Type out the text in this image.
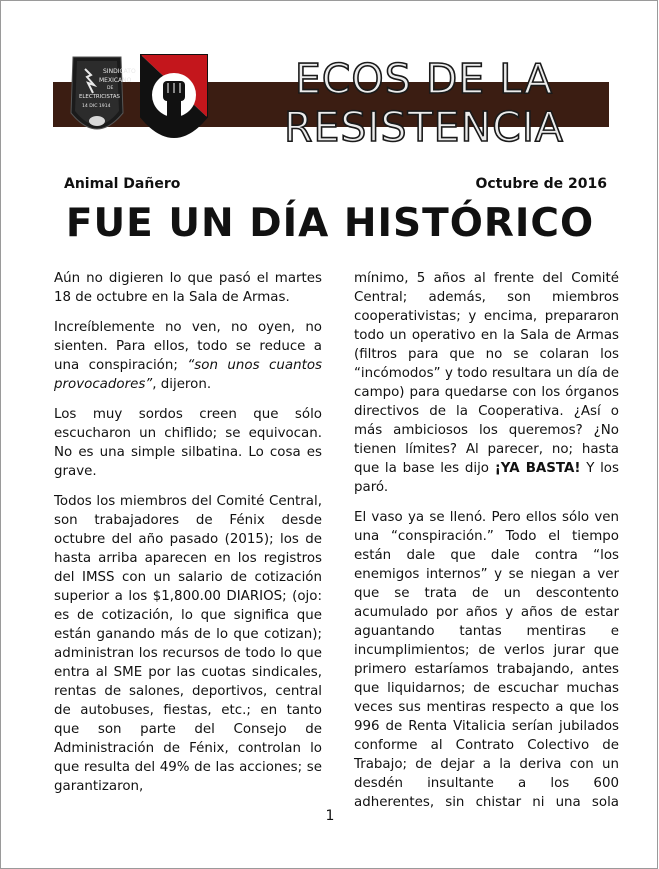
SINDICATO
MEXICANO
DE
ELECTRICISTAS
14 DIC 1914
ECOS DE LA
RESISTENCIA
Animal Dañero	Octubre de 2016
FUE UN DÍA HISTÓRICO

Aún no digieren lo que pasó el martes 18 de octubre en la Sala de Armas.

Increíblemente no ven, no oyen, no sienten. Para ellos, todo se reduce a una conspiración; “son unos cuantos provocadores”, dijeron.

Los muy sordos creen que sólo escucharon un chiflido; se equivocan. No es una simple silbatina. Lo cosa es grave.

Todos los miembros del Comité Central, son trabajadores de Fénix desde octubre del año pasado (2015); los de hasta arriba aparecen en los registros del IMSS con un salario de cotización superior a los $1,800.00 DIARIOS; (ojo: es de cotización, lo que significa que están ganando más de lo que cotizan); administran los recursos de todo lo que entra al SME por las cuotas sindicales, rentas de salones, deportivos, central de autobuses, fiestas, etc.; en tanto que son parte del Consejo de Administración de Fénix, controlan lo que resulta del 49% de las acciones; se garantizaron,

mínimo, 5 años al frente del Comité Central; además, son miembros cooperativistas; y encima, prepararon todo un operativo en la Sala de Armas (filtros para que no se colaran los “incómodos” y todo resultara un día de campo) para quedarse con los órganos directivos de la Cooperativa. ¿Así o más ambiciosos los queremos? ¿No tienen límites? Al parecer, no; hasta que la base les dijo ¡YA BASTA! Y los paró.

El vaso ya se llenó. Pero ellos sólo ven una “conspiración.” Todo el tiempo están dale que dale contra “los enemigos internos” y se niegan a ver que se trata de un descontento acumulado por años y años de estar aguantando tantas mentiras e incumplimientos; de verlos jurar que primero estaríamos trabajando, antes que liquidarnos; de escuchar muchas veces sus mentiras respecto a que los 996 de Renta Vitalicia serían jubilados conforme al Contrato Colectivo de Trabajo; de dejar a la deriva con un desdén insultante a los 600 adherentes, sin chistar ni una sola

1
